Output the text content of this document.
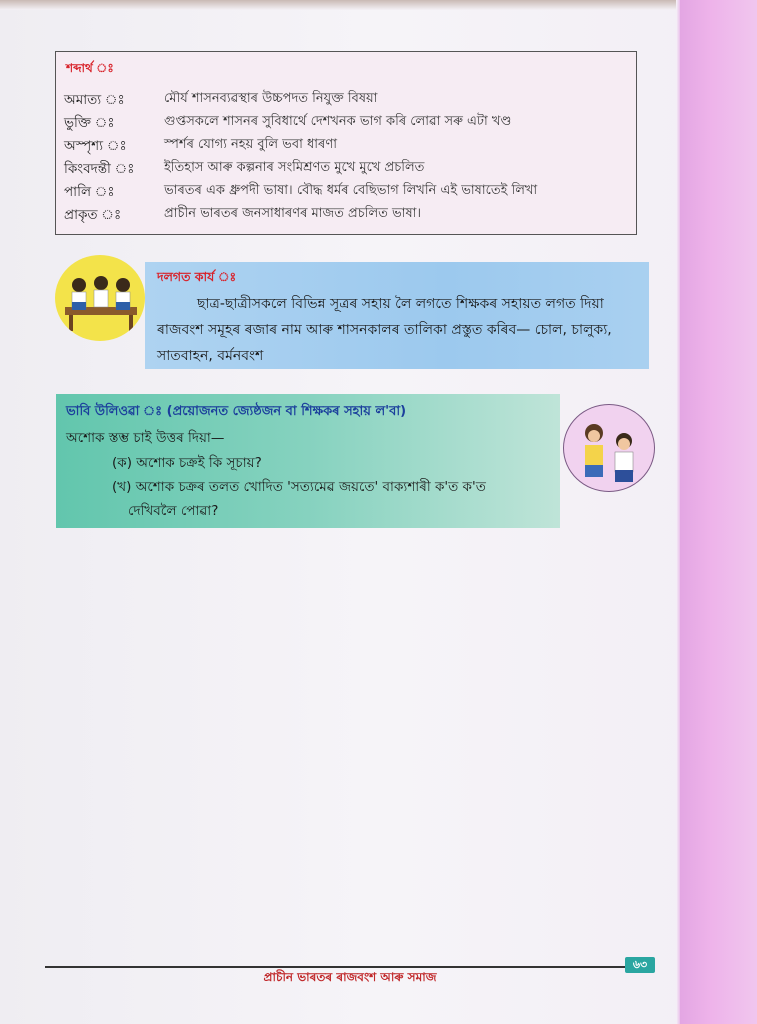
শব্দাৰ্থ ঃ
অমাত্য ঃ	মৌৰ্য শাসনব্যৱস্থাৰ উচ্চপদত নিযুক্ত বিষয়া
ভুক্তি ঃ	গুপ্তসকলে শাসনৰ সুবিধাৰ্থে দেশখনক ভাগ কৰি লোৱা সৰু এটা খণ্ড
অস্পৃশ্য ঃ	স্পৰ্শৰ যোগ্য নহয় বুলি ভবা ধাৰণা
কিংবদন্তী ঃ ইতিহাস আৰু কল্পনাৰ সংমিশ্ৰণত মুখে মুখে প্ৰচলিত
পালি ঃ	ভাৰতৰ এক ধ্ৰুপদী ভাষা। বৌদ্ধ ধৰ্মৰ বেছিভাগ লিখনি এই ভাষাতেই লিখা
প্ৰাকৃত ঃ	প্ৰাচীন ভাৰতৰ জনসাধাৰণৰ মাজত প্ৰচলিত ভাষা।
দলগত কাৰ্য ঃ
ছাত্ৰ-ছাত্ৰীসকলে বিভিন্ন সূত্ৰৰ সহায় লৈ লগতে শিক্ষকৰ সহায়ত লগত দিয়া
ৰাজবংশ সমূহৰ ৰজাৰ নাম আৰু শাসনকালৰ তালিকা প্ৰস্তুত কৰিব— চোল, চালুক্য,
সাতবাহন, বৰ্মনবংশ
ভাবি উলিওৱা ঃ (প্ৰয়োজনত জ্যেষ্ঠজন বা শিক্ষকৰ সহায় ল'বা)
অশোক স্তম্ভ চাই উত্তৰ দিয়া—
(ক) অশোক চক্ৰই কি সূচায়?
(খ) অশোক চক্ৰৰ তলত খোদিত 'সত্যমেৱ জয়তে' বাক্যশাৰী ক'ত ক'ত
দেখিবলৈ পোৱা?
প্ৰাচীন ভাৰতৰ ৰাজবংশ আৰু সমাজ
৬৩
